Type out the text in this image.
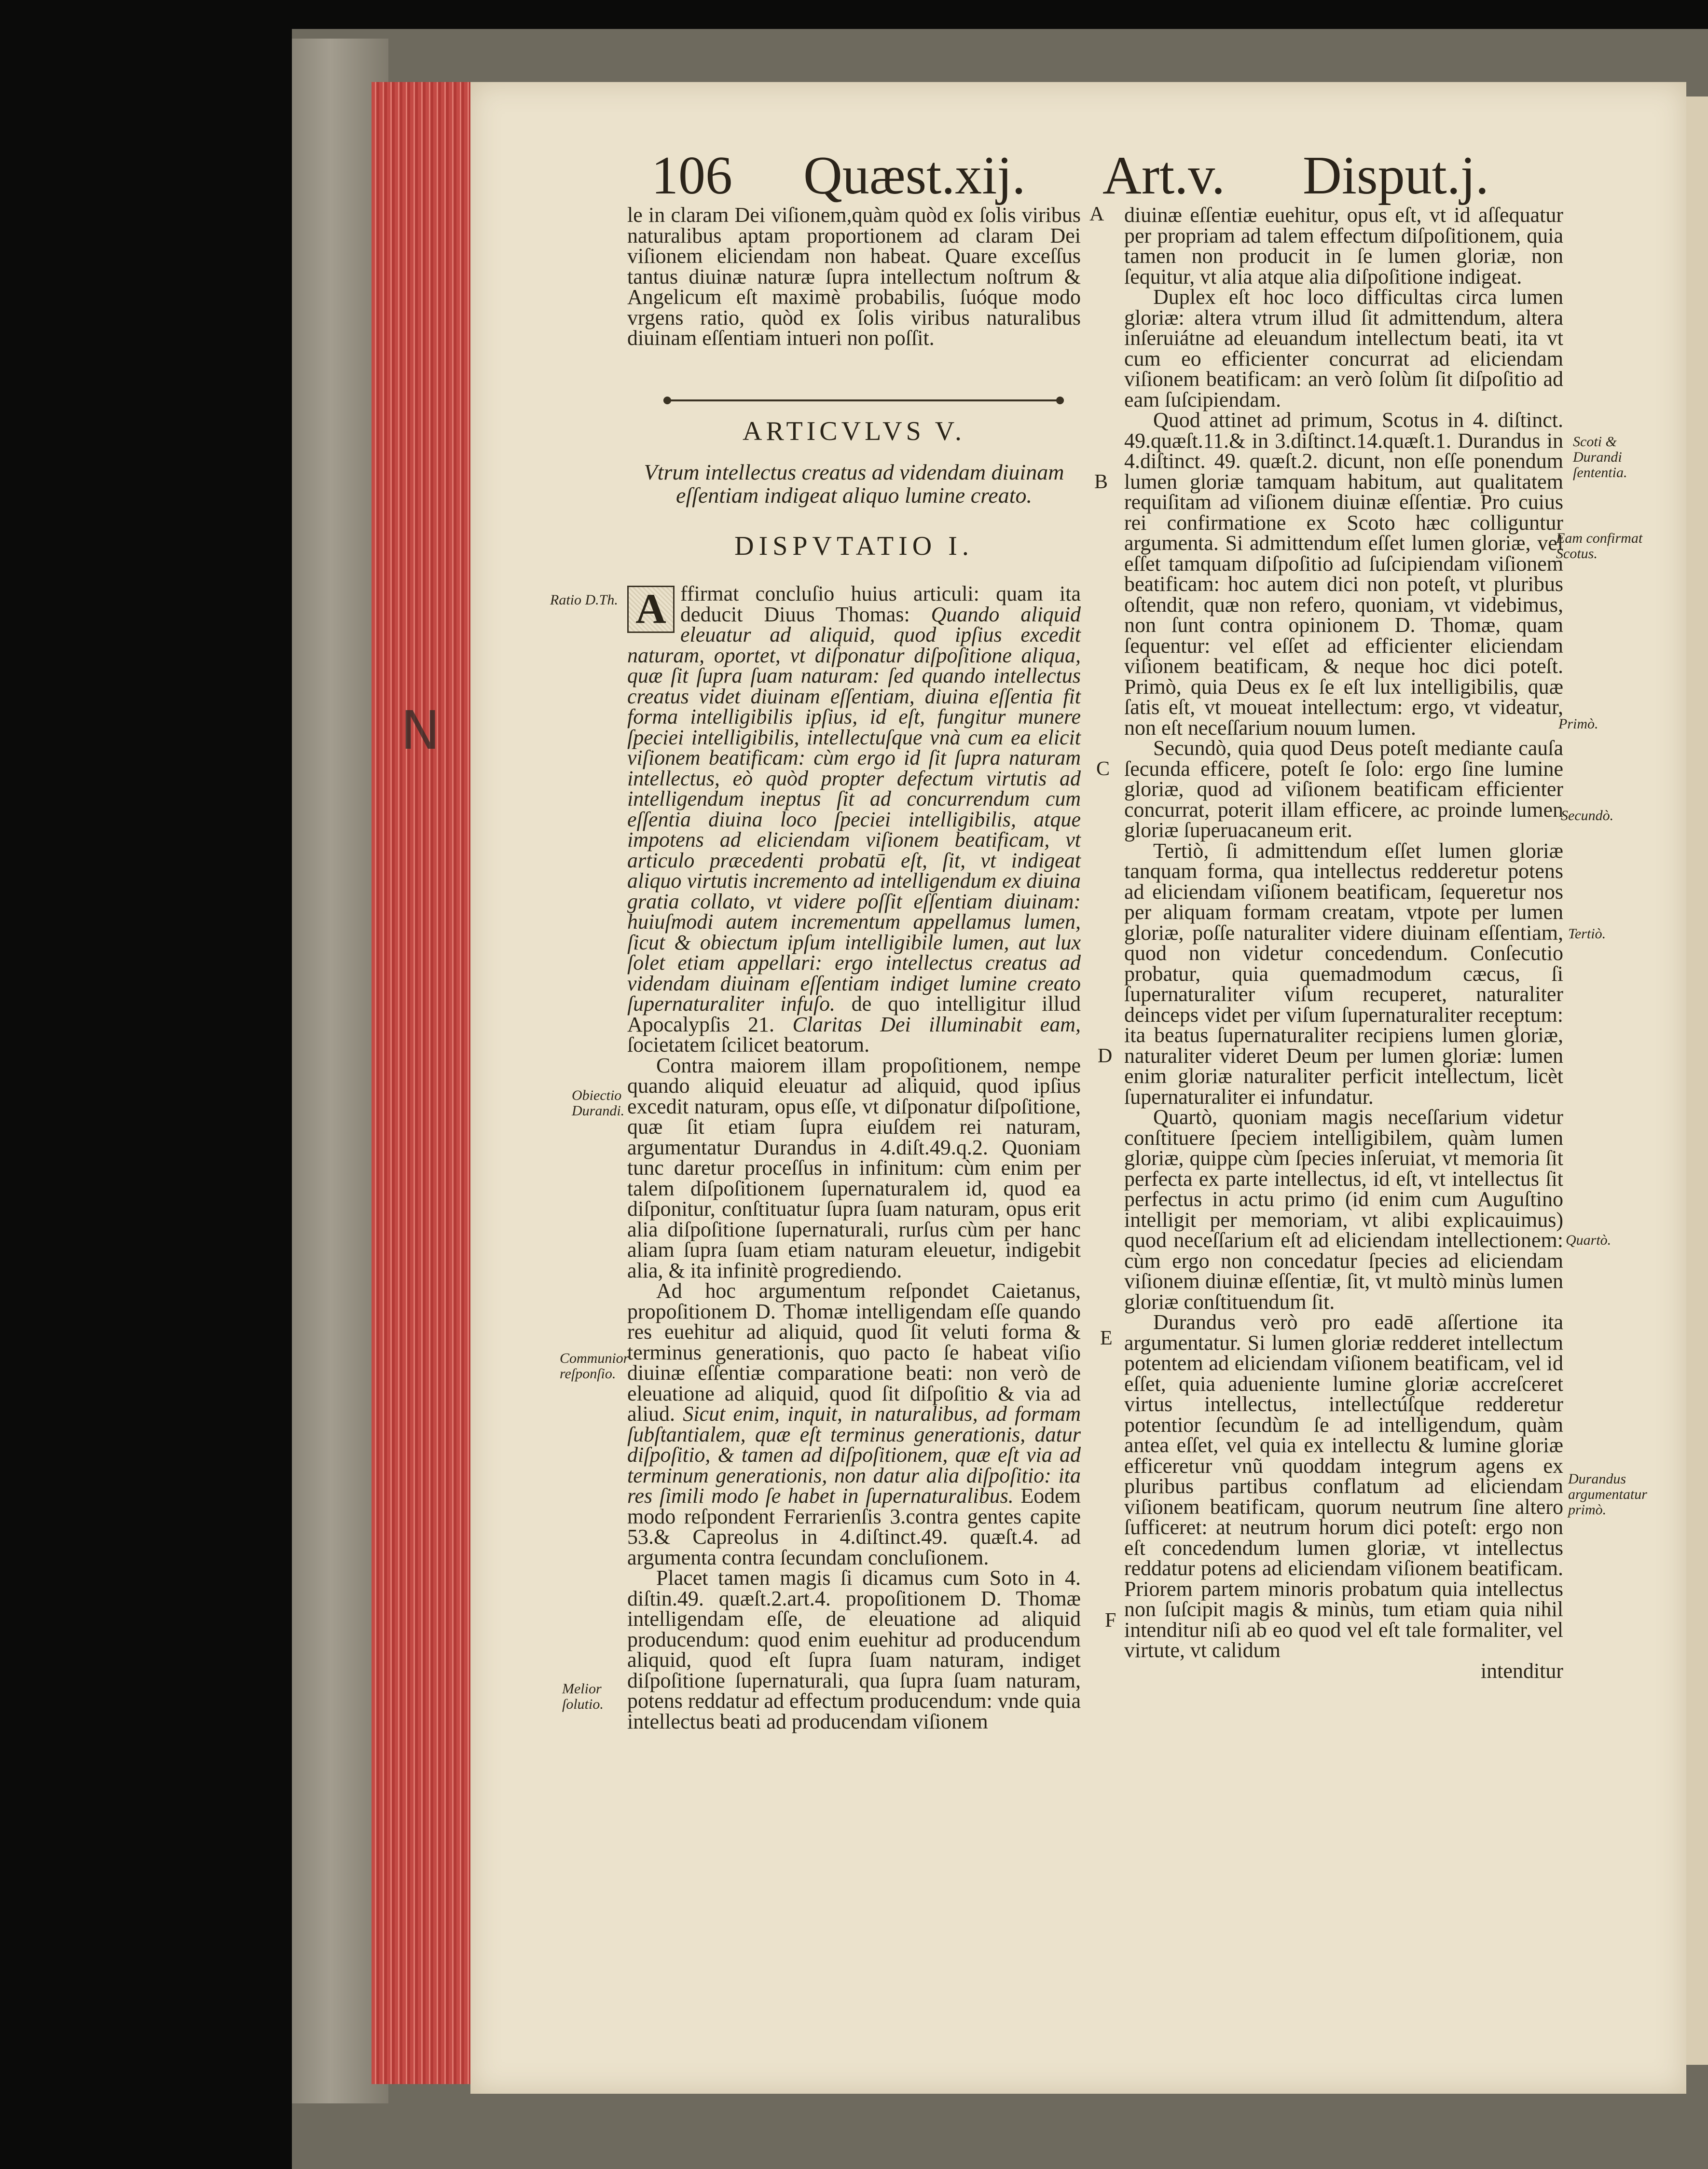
N
106 Quæst.xij. Art.v. Disput.j.

le in claram Dei viſionem,quàm quòd ex ſolis viribus naturalibus aptam proportionem ad claram Dei viſionem eliciendam non habeat. Quare exceſſus tantus diuinæ naturæ ſupra intellectum noſtrum & Angelicum eſt maximè probabilis, ſuóque modo vrgens ratio, quòd ex ſolis viribus naturalibus diuinam eſſentiam intueri non poſſit.

ARTICVLVS V.
Vtrum intellectus creatus ad videndam diuinam eſſentiam indigeat aliquo lumine creato.
DISPVTATIO I.

A ffirmat concluſio huius articuli: quam ita deducit Diuus Thomas: Quando aliquid eleuatur ad aliquid, quod ipſius excedit naturam, oportet, vt diſponatur diſpoſitione aliqua, quæ ſit ſupra ſuam naturam: ſed quando intellectus creatus videt diuinam eſſentiam, diuina eſſentia fit forma intelligibilis ipſius, id eſt, fungitur munere ſpeciei intelligibilis, intellectuſque vnà cum ea elicit viſionem beatificam: cùm ergo id ſit ſupra naturam intellectus, eò quòd propter defectum virtutis ad intelligendum ineptus ſit ad concurrendum cum eſſentia diuina loco ſpeciei intelligibilis, atque impotens ad eliciendam viſionem beatificam, vt articulo præcedenti probatū eſt, ſit, vt indigeat aliquo virtutis incremento ad intelligendum ex diuina gratia collato, vt videre poſſit eſſentiam diuinam: huiuſmodi autem incrementum appellamus lumen, ſicut & obiectum ipſum intelligibile lumen, aut lux ſolet etiam appellari: ergo intellectus creatus ad videndam diuinam eſſentiam indiget lumine creato ſupernaturaliter infuſo. de quo intelligitur illud Apocalypſis 21. Claritas Dei illuminabit eam, ſocietatem ſcilicet beatorum.

Contra maiorem illam propoſitionem, nempe quando aliquid eleuatur ad aliquid, quod ipſius excedit naturam, opus eſſe, vt diſponatur diſpoſitione, quæ ſit etiam ſupra eiuſdem rei naturam, argumentatur Durandus in 4.diſt.49.q.2. Quoniam tunc daretur proceſſus in infinitum: cùm enim per talem diſpoſitionem ſupernaturalem id, quod ea diſponitur, conſtituatur ſupra ſuam naturam, opus erit alia diſpoſitione ſupernaturali, rurſus cùm per hanc aliam ſupra ſuam etiam naturam eleuetur, indigebit alia, & ita infinitè progrediendo.

Ad hoc argumentum reſpondet Caietanus, propoſitionem D. Thomæ intelligendam eſſe quando res euehitur ad aliquid, quod ſit veluti forma & terminus generationis, quo pacto ſe habeat viſio diuinæ eſſentiæ comparatione beati: non verò de eleuatione ad aliquid, quod ſit diſpoſitio & via ad aliud. Sicut enim, inquit, in naturalibus, ad formam ſubſtantialem, quæ eſt terminus generationis, datur diſpoſitio, & tamen ad diſpoſitionem, quæ eſt via ad terminum generationis, non datur alia diſpoſitio: ita res ſimili modo ſe habet in ſupernaturalibus. Eodem modo reſpondent Ferrarienſis 3.contra gentes capite 53.& Capreolus in 4.diſtinct.49. quæſt.4. ad argumenta contra ſecundam concluſionem.

Placet tamen magis ſi dicamus cum Soto in 4. diſtin.49. quæſt.2.art.4. propoſitionem D. Thomæ intelligendam eſſe, de eleuatione ad aliquid producendum: quod enim euehitur ad producendum aliquid, quod eſt ſupra ſuam naturam, indiget diſpoſitione ſupernaturali, qua ſupra ſuam naturam, potens reddatur ad effectum producendum: vnde quia intellectus beati ad producendam viſionem

A
B
C
D
E
F

diuinæ eſſentiæ euehitur, opus eſt, vt id aſſequatur per propriam ad talem effectum diſpoſitionem, quia tamen non producit in ſe lumen gloriæ, non ſequitur, vt alia atque alia diſpoſitione indigeat.

Duplex eſt hoc loco difficultas circa lumen gloriæ: altera vtrum illud ſit admittendum, altera inſeruiátne ad eleuandum intellectum beati, ita vt cum eo efficienter concurrat ad eliciendam viſionem beatificam: an verò ſolùm ſit diſpoſitio ad eam ſuſcipiendam.

Quod attinet ad primum, Scotus in 4. diſtinct. 49.quæſt.11.& in 3.diſtinct.14.quæſt.1. Durandus in 4.diſtinct. 49. quæſt.2. dicunt, non eſſe ponendum lumen gloriæ tamquam habitum, aut qualitatem requiſitam ad viſionem diuinæ eſſentiæ. Pro cuius rei confirmatione ex Scoto hæc colliguntur argumenta. Si admittendum eſſet lumen gloriæ, vel eſſet tamquam diſpoſitio ad ſuſcipiendam viſionem beatificam: hoc autem dici non poteſt, vt pluribus oſtendit, quæ non refero, quoniam, vt videbimus, non ſunt contra opinionem D. Thomæ, quam ſequentur: vel eſſet ad efficienter eliciendam viſionem beatificam, & neque hoc dici poteſt. Primò, quia Deus ex ſe eſt lux intelligibilis, quæ ſatis eſt, vt moueat intellectum: ergo, vt videatur, non eſt neceſſarium nouum lumen.

Secundò, quia quod Deus poteſt mediante cauſa ſecunda efficere, poteſt ſe ſolo: ergo ſine lumine gloriæ, quod ad viſionem beatificam efficienter concurrat, poterit illam efficere, ac proinde lumen gloriæ ſuperuacaneum erit.

Tertiò, ſi admittendum eſſet lumen gloriæ tanquam forma, qua intellectus redderetur potens ad eliciendam viſionem beatificam, ſequeretur nos per aliquam formam creatam, vtpote per lumen gloriæ, poſſe naturaliter videre diuinam eſſentiam, quod non videtur concedendum. Conſecutio probatur, quia quemadmodum cæcus, ſi ſupernaturaliter viſum recuperet, naturaliter deinceps videt per viſum ſupernaturaliter receptum: ita beatus ſupernaturaliter recipiens lumen gloriæ, naturaliter videret Deum per lumen gloriæ: lumen enim gloriæ naturaliter perficit intellectum, licèt ſupernaturaliter ei infundatur.

Quartò, quoniam magis neceſſarium videtur conſtituere ſpeciem intelligibilem, quàm lumen gloriæ, quippe cùm ſpecies inſeruiat, vt memoria ſit perfecta ex parte intellectus, id eſt, vt intellectus ſit perfectus in actu primo (id enim cum Auguſtino intelligit per memoriam, vt alibi explicauimus) quod neceſſarium eſt ad eliciendam intellectionem: cùm ergo non concedatur ſpecies ad eliciendam viſionem diuinæ eſſentiæ, ſit, vt multò minùs lumen gloriæ conſtituendum ſit.

Durandus verò pro eadē aſſertione ita argumentatur. Si lumen gloriæ redderet intellectum potentem ad eliciendam viſionem beatificam, vel id eſſet, quia adueniente lumine gloriæ accreſceret virtus intellectus, intellectúſque redderetur potentior ſecundùm ſe ad intelligendum, quàm antea eſſet, vel quia ex intellectu & lumine gloriæ efficeretur vnũ quoddam integrum agens ex pluribus partibus conflatum ad eliciendam viſionem beatificam, quorum neutrum ſine altero ſufficeret: at neutrum horum dici poteſt: ergo non eſt concedendum lumen gloriæ, vt intellectus reddatur potens ad eliciendam viſionem beatificam. Priorem partem minoris probatum quia intellectus non ſuſcipit magis & minùs, tum etiam quia nihil intenditur niſi ab eo quod vel eſt tale formaliter, vel virtute, vt calidum

intenditur
Ratio D.Th.
Obiectio Durandi.
Communior reſponſio.
Melior ſolutio.
Scoti & Durandi ſententia.
Eam confirmat Scotus.
Primò.
Secundò.
Tertiò.
Quartò.
Durandus argumentatur primò.
